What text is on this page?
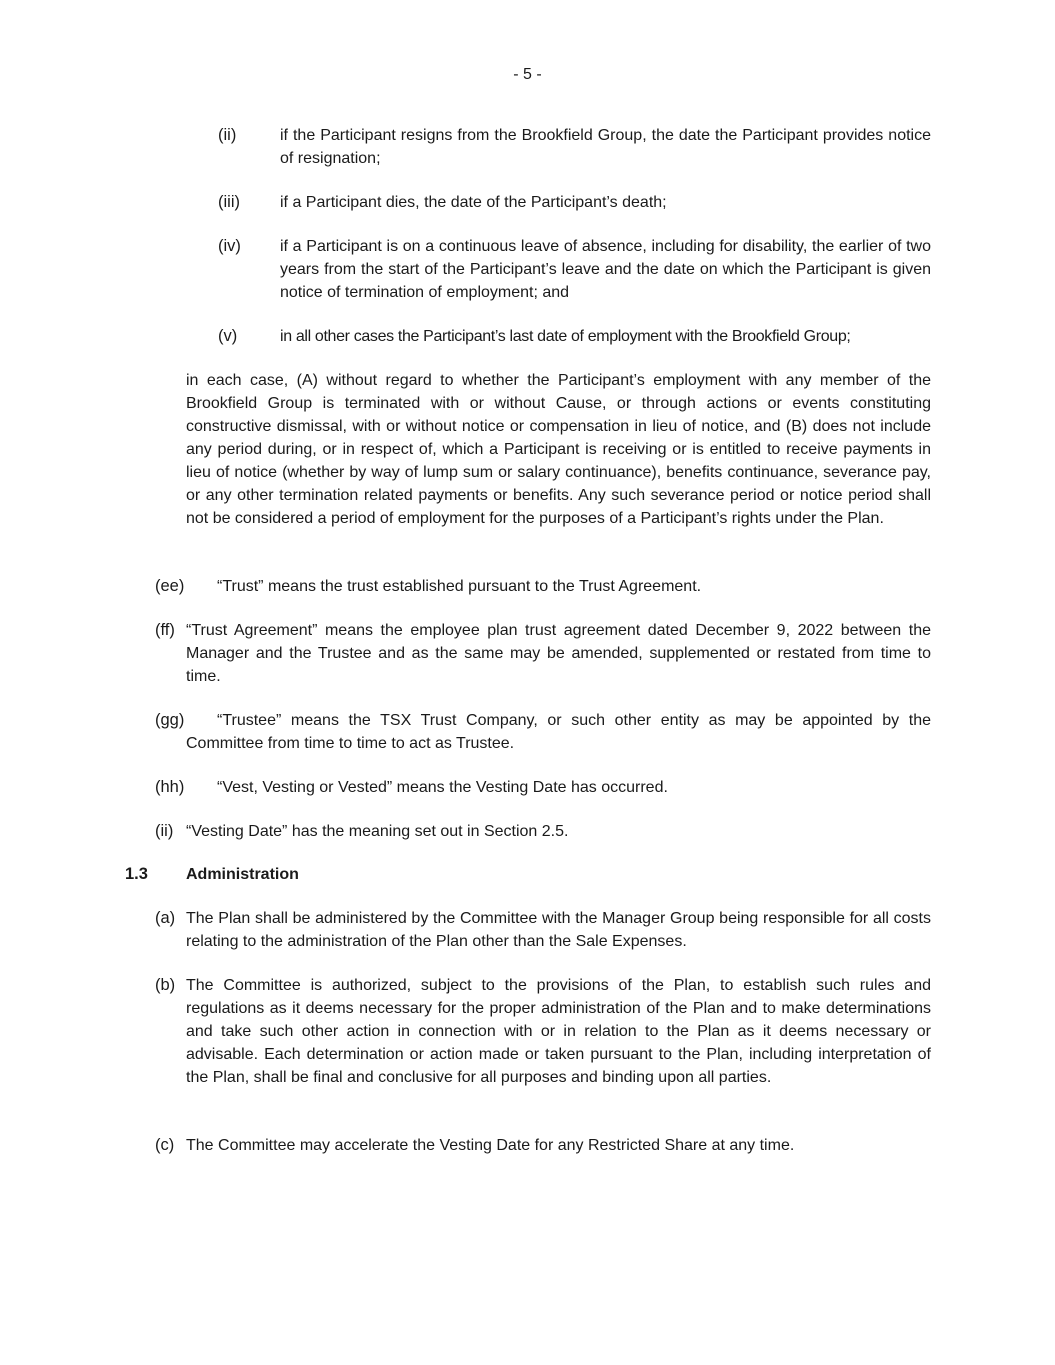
- 5 -
(ii)	if the Participant resigns from the Brookfield Group, the date the Participant provides notice of resignation;

(iii)	if a Participant dies, the date of the Participant’s death;

(iv) if a Participant is on a continuous leave of absence, including for disability, the earlier of two years from the start of the Participant’s leave and the date on which the Participant is given notice of termination of employment; and

(v)	in all other cases the Participant’s last date of employment with the Brookfield Group;

in each case, (A) without regard to whether the Participant’s employment with any member of the Brookfield Group is terminated with or without Cause, or through actions or events constituting constructive dismissal, with or without notice or compensation in lieu of notice, and (B) does not include any period during, or in respect of, which a Participant is receiving or is entitled to receive payments in lieu of notice (whether by way of lump sum or salary continuance), benefits continuance, severance pay, or any other termination related payments or benefits. Any such severance period or notice period shall not be considered a period of employment for the purposes of a Participant’s rights under the Plan.

(ee)	“Trust” means the trust established pursuant to the Trust Agreement.

(ff) “Trust Agreement” means the employee plan trust agreement dated December 9, 2022 between the Manager and the Trustee and as the same may be amended, supplemented or restated from time to time.

(gg)	“Trustee” means the TSX Trust Company, or such other entity as may be appointed by the Committee from time to time to act as Trustee.

(hh)	“Vest, Vesting or Vested” means the Vesting Date has occurred.

(ii) “Vesting Date” has the meaning set out in Section 2.5.

1.3 Administration
(a) The Plan shall be administered by the Committee with the Manager Group being responsible for all costs relating to the administration of the Plan other than the Sale Expenses.

(b) The Committee is authorized, subject to the provisions of the Plan, to establish such rules and regulations as it deems necessary for the proper administration of the Plan and to make determinations and take such other action in connection with or in relation to the Plan as it deems necessary or advisable. Each determination or action made or taken pursuant to the Plan, including interpretation of the Plan, shall be final and conclusive for all purposes and binding upon all parties.

(c) The Committee may accelerate the Vesting Date for any Restricted Share at any time.
